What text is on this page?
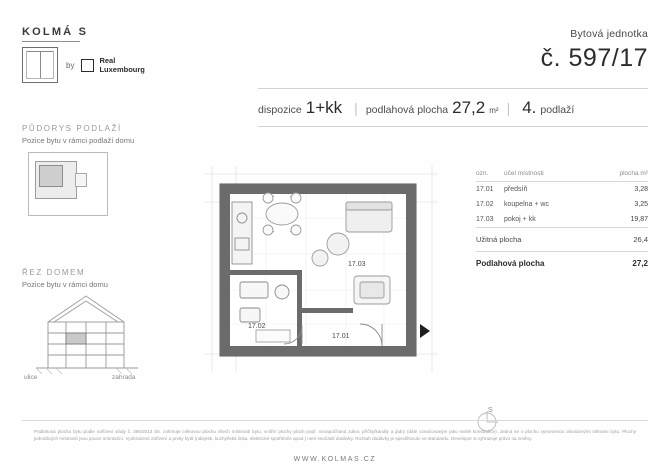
KOLMÁ S
by	Real
Luxembourg
Bytová jednotka
č. 597/17
dispozice 1+kk | podlahová plocha 27,2 m² | 4. podlaží
PŮDORYS PODLAŽÍ
Pozice bytu v rámci podlaží domu
ŘEZ DOMEM
Pozice bytu v rámci domu
ulice	zahrada
17.03
17.02
17.01
ozn.	účel místnosti	plocha m²
17.01	předsíň	3,28
17.02	koupelna + wc	3,25
17.03	pokoj + kk	19,87
Užitná plocha	26,4
Podlahová plocha	27,2
S
Podlahová plocha bytu podle nařízení vlády č. 366/2013 Sb. zahrnuje celkovou plochu všech místností bytu, vnitřní plochy ploch popř. nezapočítaná zdiva, příčky/kanály a jádry (dále označovaným jako svislé konstrukce). Jedná se o plochu vymezenou obvodovými stěnami bytu. Plochy jednotlivých místností jsou pouze orientační. Vyobrazené zařízení a prvky bytů (nábytek, kuchyňská linka, elektrické spotřebiče apod.) není součástí dodávky. Rozsah dodávky je specifikován ve standardu. Developer si vyhrazuje právo na změny.
WWW.KOLMAS.CZ
